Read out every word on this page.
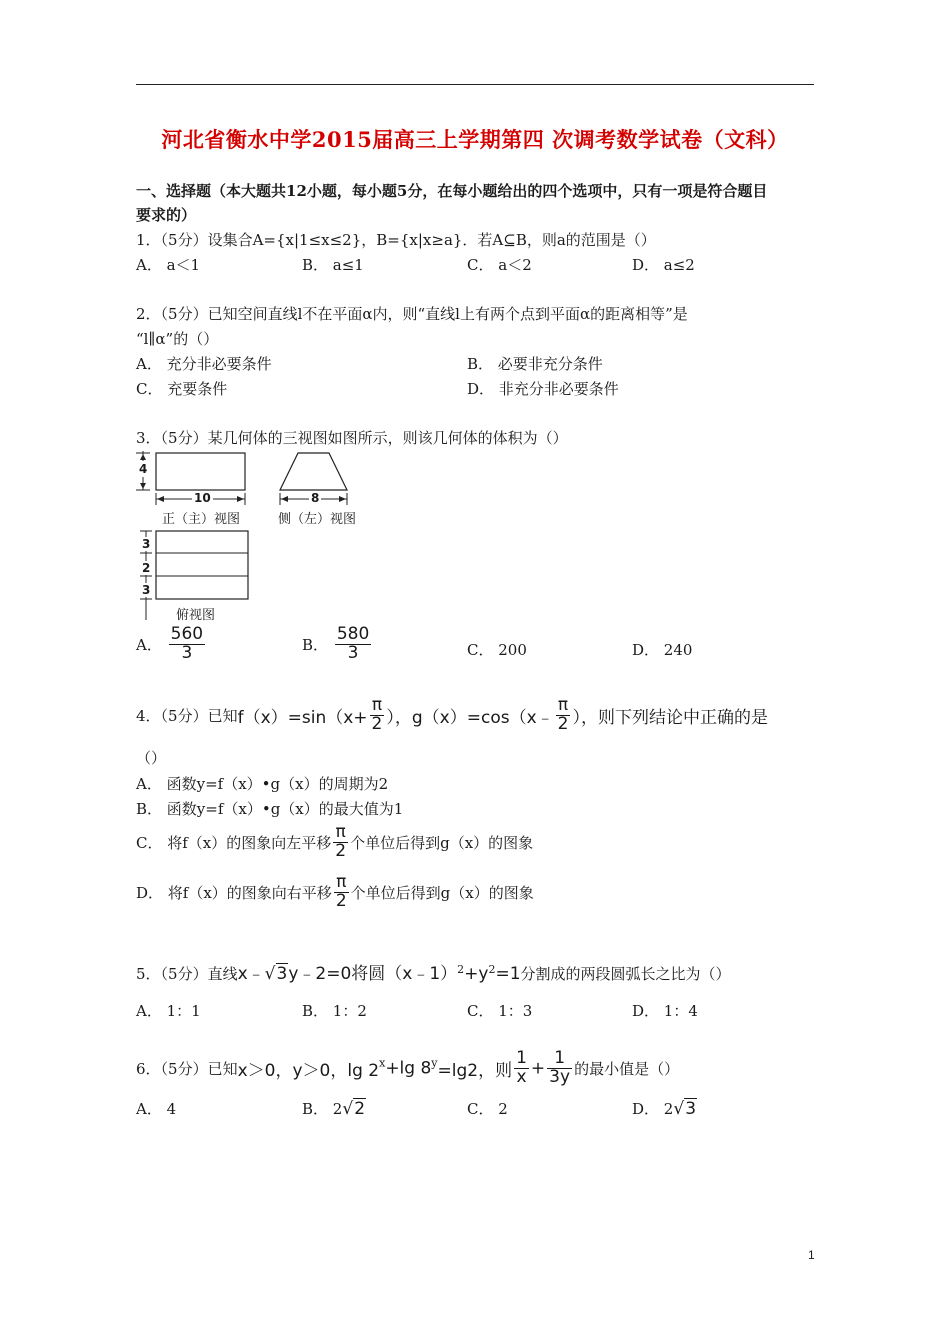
河北省衡水中学2015届高三上学期第四 次调考数学试卷（文科）
一、选择题（本大题共12小题，每小题5分，在每小题给出的四个选项中，只有一项是符合题目
要求的）
1．（5分）设集合A={x|1≤x≤2}，B={x|x≥a}．若A⊆B，则a的范围是（）
A． a＜1	B． a≤1	C． a＜2	D． a≤2
2．（5分）已知空间直线l不在平面α内，则“直线l上有两个点到平面α的距离相等”是
“l∥α”的（）
A． 充分非必要条件	B． 必要非充分条件
C． 充要条件	D． 非充分非必要条件
3．（5分）某几何体的三视图如图所示，则该几何体的体积为（）
4
10	8
3
2
3
正（主）视图	侧（左）视图
俯视图
A． $\frac{560}{3}$	B． $\frac{580}{3}$	C． 200	D． 240
4．（5分）已知$f(x)=\sin(x+ \frac{\pi}{2}$ ），g（x）=cos（x﹣ $\frac{\pi}{2}$ ），则下列结论中正确的是
（）
A． 函数y=f（x）•g（x）的周期为2
B． 函数y=f（x）•g（x）的最大值为1
C． 将f（x）的图象向左平移 $\frac{\pi}{2}$ 个单位后得到g（x）的图象
D． 将f（x）的图象向右平移 $\frac{\pi}{2}$ 个单位后得到g（x）的图象
5．（5分）直线x﹣√3y﹣2=0将圆$(x﹣1)^2+y^2=1$分割成的两段圆弧长之比为（）
A． 1：1	B． 1：2	C． 1：3	D． 1：4
6．（5分）已知x＞0，y＞0，$\lg 2^x+\lg$ $8^y=\lg 2$，则 $\frac{1}{x} + \frac{1}{3y}$ 的最小值是（）
A． 4	B． 2√2	C． 2	D． 2√3
1
